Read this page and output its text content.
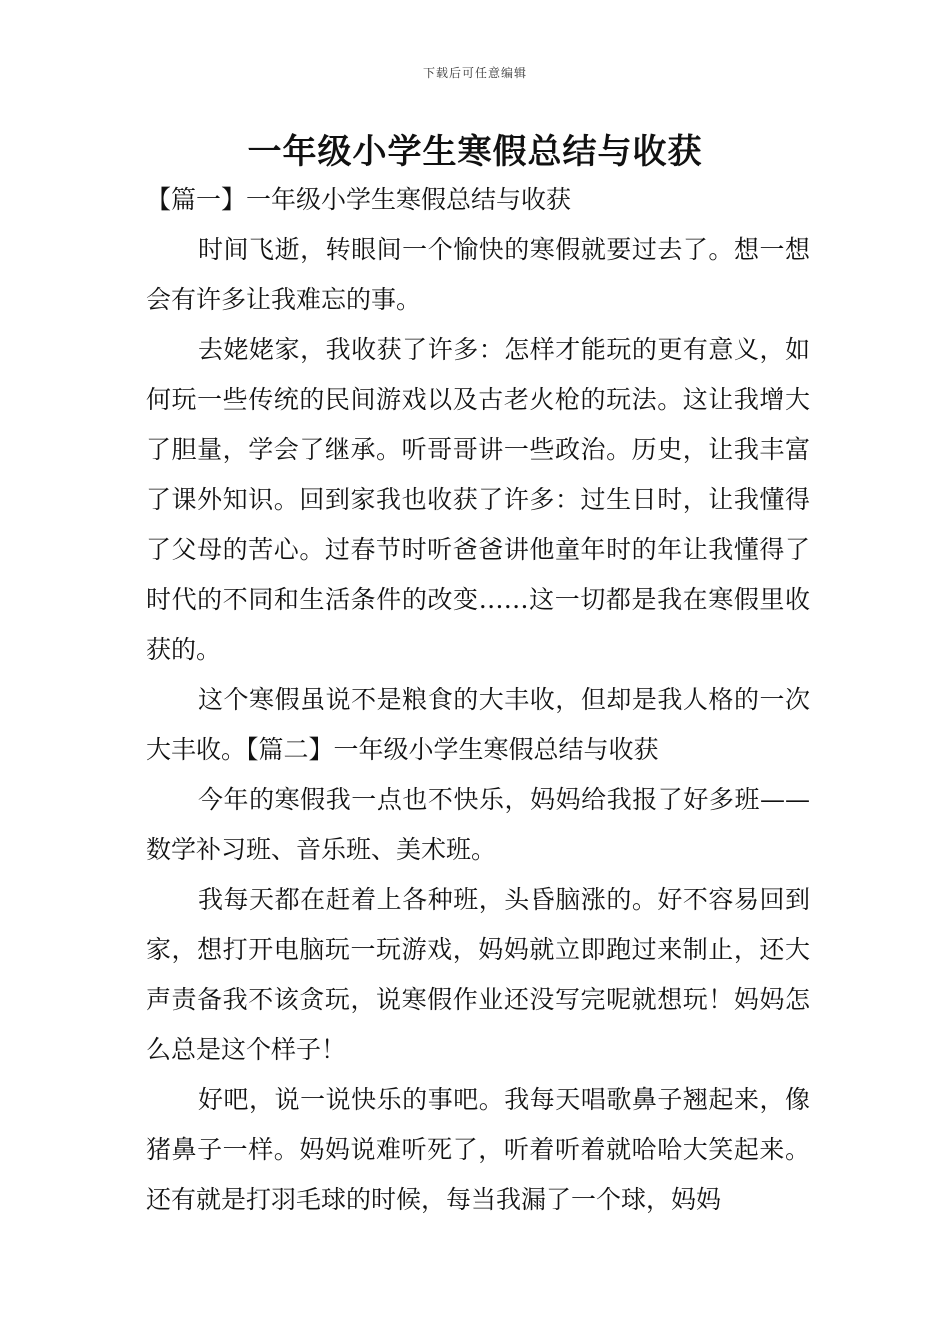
下载后可任意编辑
一年级小学生寒假总结与收获

【篇一】一年级小学生寒假总结与收获

时间飞逝，转眼间一个愉快的寒假就要过去了。想一想会有许多让我难忘的事。

去姥姥家，我收获了许多：怎样才能玩的更有意义，如何玩一些传统的民间游戏以及古老火枪的玩法。这让我增大了胆量，学会了继承。听哥哥讲一些政治。历史，让我丰富了课外知识。回到家我也收获了许多：过生日时，让我懂得了父母的苦心。过春节时听爸爸讲他童年时的年让我懂得了时代的不同和生活条件的改变……这一切都是我在寒假里收获的。

这个寒假虽说不是粮食的大丰收，但却是我人格的一次大丰收。【篇二】一年级小学生寒假总结与收获

今年的寒假我一点也不快乐，妈妈给我报了好多班——数学补习班、音乐班、美术班。

我每天都在赶着上各种班，头昏脑涨的。好不容易回到家，想打开电脑玩一玩游戏，妈妈就立即跑过来制止，还大声责备我不该贪玩，说寒假作业还没写完呢就想玩！妈妈怎么总是这个样子！

好吧，说一说快乐的事吧。我每天唱歌鼻子翘起来，像猪鼻子一样。妈妈说难听死了，听着听着就哈哈大笑起来。还有就是打羽毛球的时候，每当我漏了一个球，妈妈
